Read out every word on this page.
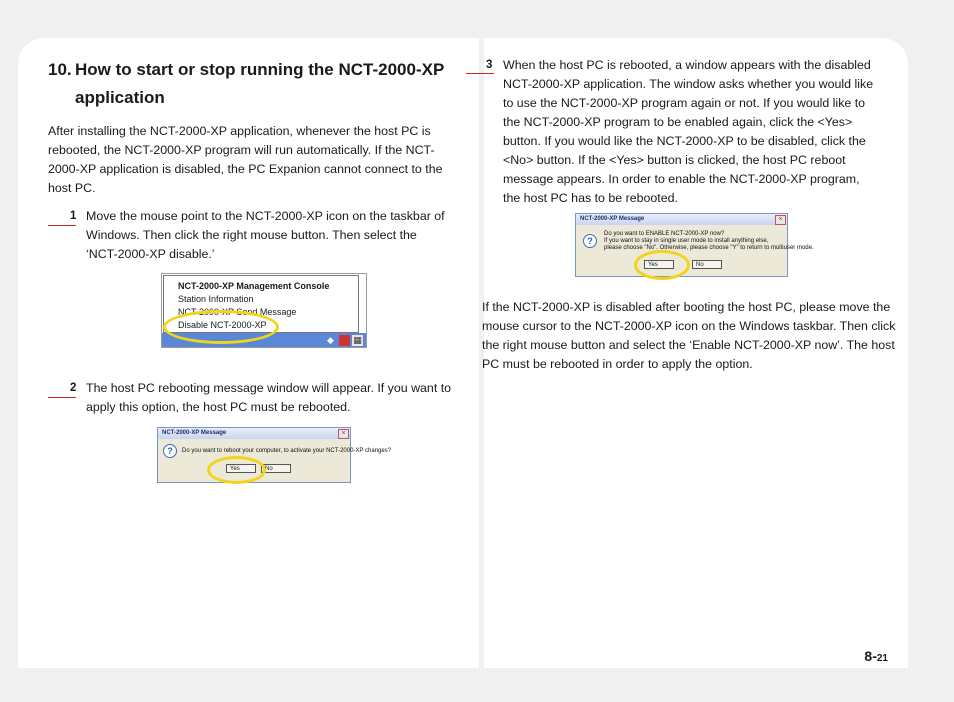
10. How to start or stop running the NCT-2000-XP application

After installing the NCT-2000-XP application, whenever the host PC is rebooted, the NCT-2000-XP program will run automatically. If the NCT-2000-XP application is disabled, the PC Expanion cannot connect to the host PC.

1 Move the mouse point to the NCT-2000-XP icon on the taskbar of Windows. Then click the right mouse button. Then select the ‘NCT-2000-XP disable.’

NCT-2000-XP Management Console
Station Information
NCT-2000-XP Send Message
Disable NCT-2000-XP
◆ ▦
2 The host PC rebooting message window will appear. If you want to apply this option, the host PC must be rebooted.

NCT-2000-XP Message	×
?	Do you want to reboot your computer, to activate your NCT-2000-XP changes?
Yes	No
3 When the host PC is rebooted, a window appears with the disabled NCT-2000-XP application. The window asks whether you would like to use the NCT-2000-XP program again or not. If you would like to the NCT-2000-XP program to be enabled again, click the <Yes> button. If you would like the NCT-2000-XP to be disabled, click the <No> button. If the <Yes> button is clicked, the host PC reboot message appears. In order to enable the NCT-2000-XP program, the host PC has to be rebooted.

NCT-2000-XP Message	×
?
Do you want to ENABLE NCT-2000-XP now?
If you want to stay in single user mode to install anything else,
please choose "No". Otherwise, please choose "Y" to return to multiuser mode.
Yes	No

If the NCT-2000-XP is disabled after booting the host PC, please move the mouse cursor to the NCT-2000-XP icon on the Windows taskbar. Then click the right mouse button and select the ‘Enable NCT-2000-XP now’. The host PC must be rebooted in order to apply the option.

8-21
